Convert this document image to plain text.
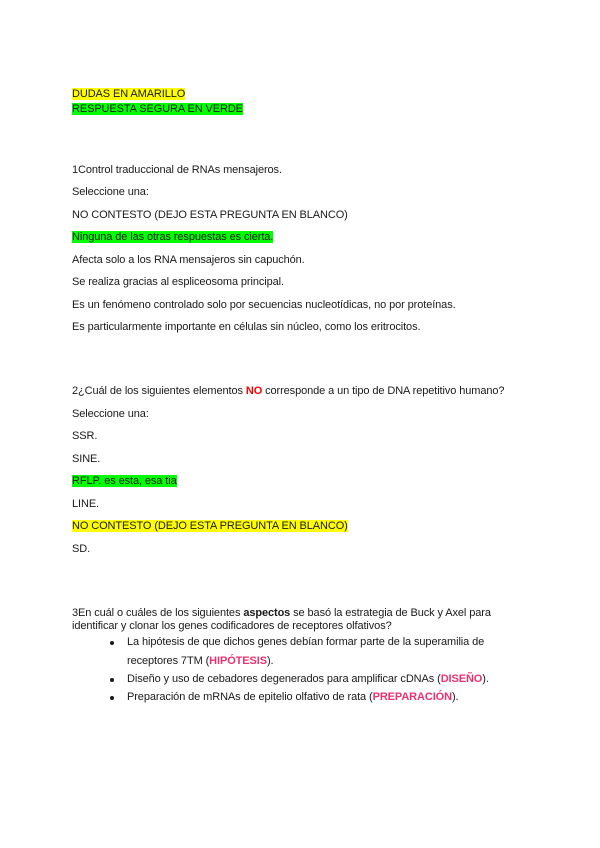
DUDAS EN AMARILLO
RESPUESTA SEGURA EN VERDE
1Control traduccional de RNAs mensajeros.
Seleccione una:
NO CONTESTO (DEJO ESTA PREGUNTA EN BLANCO)
Ninguna de las otras respuestas es cierta.
Afecta solo a los RNA mensajeros sin capuchón.
Se realiza gracias al espliceosoma principal.
Es un fenómeno controlado solo por secuencias nucleotídicas, no por proteínas.
Es particularmente importante en células sin núcleo, como los eritrocitos.
2¿Cuál de los siguientes elementos NO corresponde a un tipo de DNA repetitivo humano?
Seleccione una:
SSR.
SINE.
RFLP. es esta, esa tia
LINE.
NO CONTESTO (DEJO ESTA PREGUNTA EN BLANCO)
SD.
3En cuál o cuáles de los siguientes aspectos se basó la estrategia de Buck y Axel para
identificar y clonar los genes codificadores de receptores olfativos?
La hipótesis de que dichos genes debían formar parte de la superamilia de
receptores 7TM (HIPÓTESIS).
Diseño y uso de cebadores degenerados para amplificar cDNAs (DISEÑO).
Preparación de mRNAs de epitelio olfativo de rata (PREPARACIÓN).
